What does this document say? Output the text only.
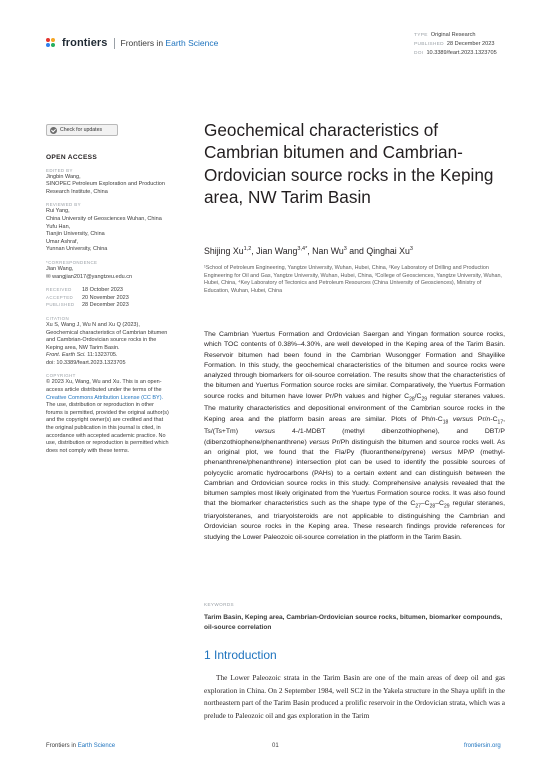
frontiers Frontiers in Earth Science
TYPE Original Research
PUBLISHED 28 December 2023
DOI 10.3389/feart.2023.1323705
Check for updates
OPEN ACCESS
EDITED BY
Jingbin Wang,
SINOPEC Petroleum Exploration and Production Research Institute, China
REVIEWED BY
Rui Yang,
China University of Geosciences Wuhan, China
Yufu Han,
Tianjin University, China
Umar Ashraf,
Yunnan University, China
*CORRESPONDENCE
Jian Wang,
✉ wangjian2017@yangtzeu.edu.cn
RECEIVED	18 October 2023
ACCEPTED	20 November 2023
PUBLISHED	28 December 2023
CITATION
Xu S, Wang J, Wu N and Xu Q (2023), Geochemical characteristics of Cambrian bitumen and Cambrian-Ordovician source rocks in the Keping area, NW Tarim Basin.
Front. Earth Sci. 11:1323705.
doi: 10.3389/feart.2023.1323705
COPYRIGHT
© 2023 Xu, Wang, Wu and Xu. This is an open-access article distributed under the terms of the Creative Commons Attribution License (CC BY). The use, distribution or reproduction in other forums is permitted, provided the original author(s) and the copyright owner(s) are credited and that the original publication in this journal is cited, in accordance with accepted academic practice. No use, distribution or reproduction is permitted which does not comply with these terms.
Geochemical characteristics of Cambrian bitumen and Cambrian-Ordovician source rocks in the Keping area, NW Tarim Basin
Shijing Xu$^{1,2}$, Jian Wang$^{3,4*}$, Nan Wu$^3$ and Qinghai Xu$^3$
¹School of Petroleum Engineering, Yangtze University, Wuhan, Hubei, China, ²Key Laboratory of Drilling and Production Engineering for Oil and Gas, Yangtze University, Wuhan, Hubei, China, ³College of Geosciences, Yangtze University, Wuhan, Hubei, China, ⁴Key Laboratory of Tectonics and Petroleum Resources (China University of Geosciences), Ministry of Education, Wuhan, Hubei, China
The Cambrian Yuertus Formation and Ordovician Saergan and Yingan formation source rocks, which TOC contents of 0.38%–4.30%, are well developed in the Keping area of the Tarim Basin. Reservoir bitumen had been found in the Cambrian Wusongger Formation and Shayilike Formation. In this study, the geochemical characteristics of the bitumen and source rocks were analyzed through biomarkers for oil-source correlation. The results show that the characteristics of the bitumen and Yuertus Formation source rocks are similar. Comparatively, the Yuertus Formation source rocks and bitumen have lower Pr/Ph values and higher $C_{28}/C_{29}$ regular steranes values. The maturity characteristics and depositional environment of the Cambrian source rocks in the Keping area and the platform basin areas are similar. Plots of $Ph/n-C_{18}$ versus $Pr/n-C_{17}$, Ts/(Ts+Tm) versus 4-/1-MDBT (methyl dibenzothiophene), and DBT/P (dibenzothiophene/phenanthrene) versus Pr/Ph distinguish the bitumen and source rocks well. As an original plot, we found that the Fla/Py (fluoranthene/pyrene) versus MP/P (methyl-phenanthrene/phenanthrene) intersection plot can be used to identify the possible sources of polycyclic aromatic hydrocarbons (PAHs) to a certain extent and can distinguish between the Cambrian and Ordovician source rocks in this study. Comprehensive analysis revealed that the bitumen samples most likely originated from the Yuertus Formation source rocks. It was also found that the biomarker characteristics such as the shape type of the $C_{27}-C_{28}-C_{29}$ regular steranes, triaryolsteranes, and triaryolsteroids are not applicable to distinguishing the Cambrian and Ordovician source rocks in the Keping area. These research findings provide references for studying the Lower Paleozoic oil-source correlation in the platform in the Tarim Basin.
KEYWORDS
Tarim Basin, Keping area, Cambrian-Ordovician source rocks, bitumen, biomarker compounds, oil-source correlation
1 Introduction
The Lower Paleozoic strata in the Tarim Basin are one of the main areas of deep oil and gas exploration in China. On 2 September 1984, well SC2 in the Yakela structure in the Shaya uplift in the northeastern part of the Tarim Basin produced a prolific reservoir in the Ordovician strata, which was a prelude to Paleozoic oil and gas exploration in the Tarim
Frontiers in Earth Science	01	frontiersin.org
